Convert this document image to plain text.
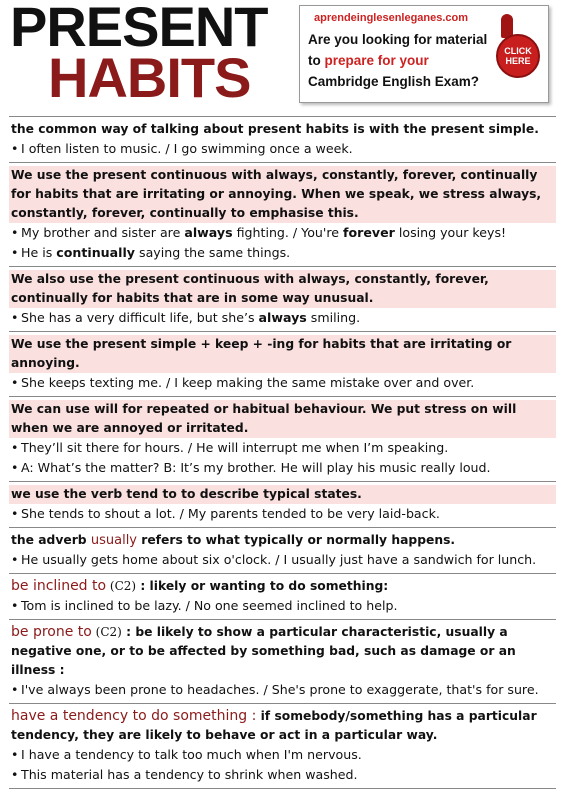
PRESENT
HABITS
aprendeinglesenleganes.com
Are you looking for material
to prepare for your
Cambridge English Exam?
CLICK HERE
the common way of talking about present habits is with the present simple.
• I often listen to music. / I go swimming once a week.
We use the present continuous with always, constantly, forever, continually for habits that are irritating or annoying. When we speak, we stress always, constantly, forever, continually to emphasise this.
• My brother and sister are always fighting. / You're forever losing your keys!
• He is continually saying the same things.
We also use the present continuous with always, constantly, forever, continually for habits that are in some way unusual.
• She has a very difficult life, but she’s always smiling.
We use the present simple + keep + -ing for habits that are irritating or annoying.
• She keeps texting me. / I keep making the same mistake over and over.
We can use will for repeated or habitual behaviour. We put stress on will when we are annoyed or irritated.
• They’ll sit there for hours. / He will interrupt me when I’m speaking.
• A: What’s the matter? B: It’s my brother. He will play his music really loud.
we use the verb tend to to describe typical states.
• She tends to shout a lot. / My parents tended to be very laid-back.
the adverb usually refers to what typically or normally happens.
• He usually gets home about six o'clock. / I usually just have a sandwich for lunch.
be inclined to (C2) : likely or wanting to do something:
• Tom is inclined to be lazy. / No one seemed inclined to help.
be prone to (C2) : be likely to show a particular characteristic, usually a negative one, or to be affected by something bad, such as damage or an illness :
• I've always been prone to headaches. / She's prone to exaggerate, that's for sure.
have a tendency to do something : if somebody/something has a particular tendency, they are likely to behave or act in a particular way.
• I have a tendency to talk too much when I'm nervous.
• This material has a tendency to shrink when washed.
